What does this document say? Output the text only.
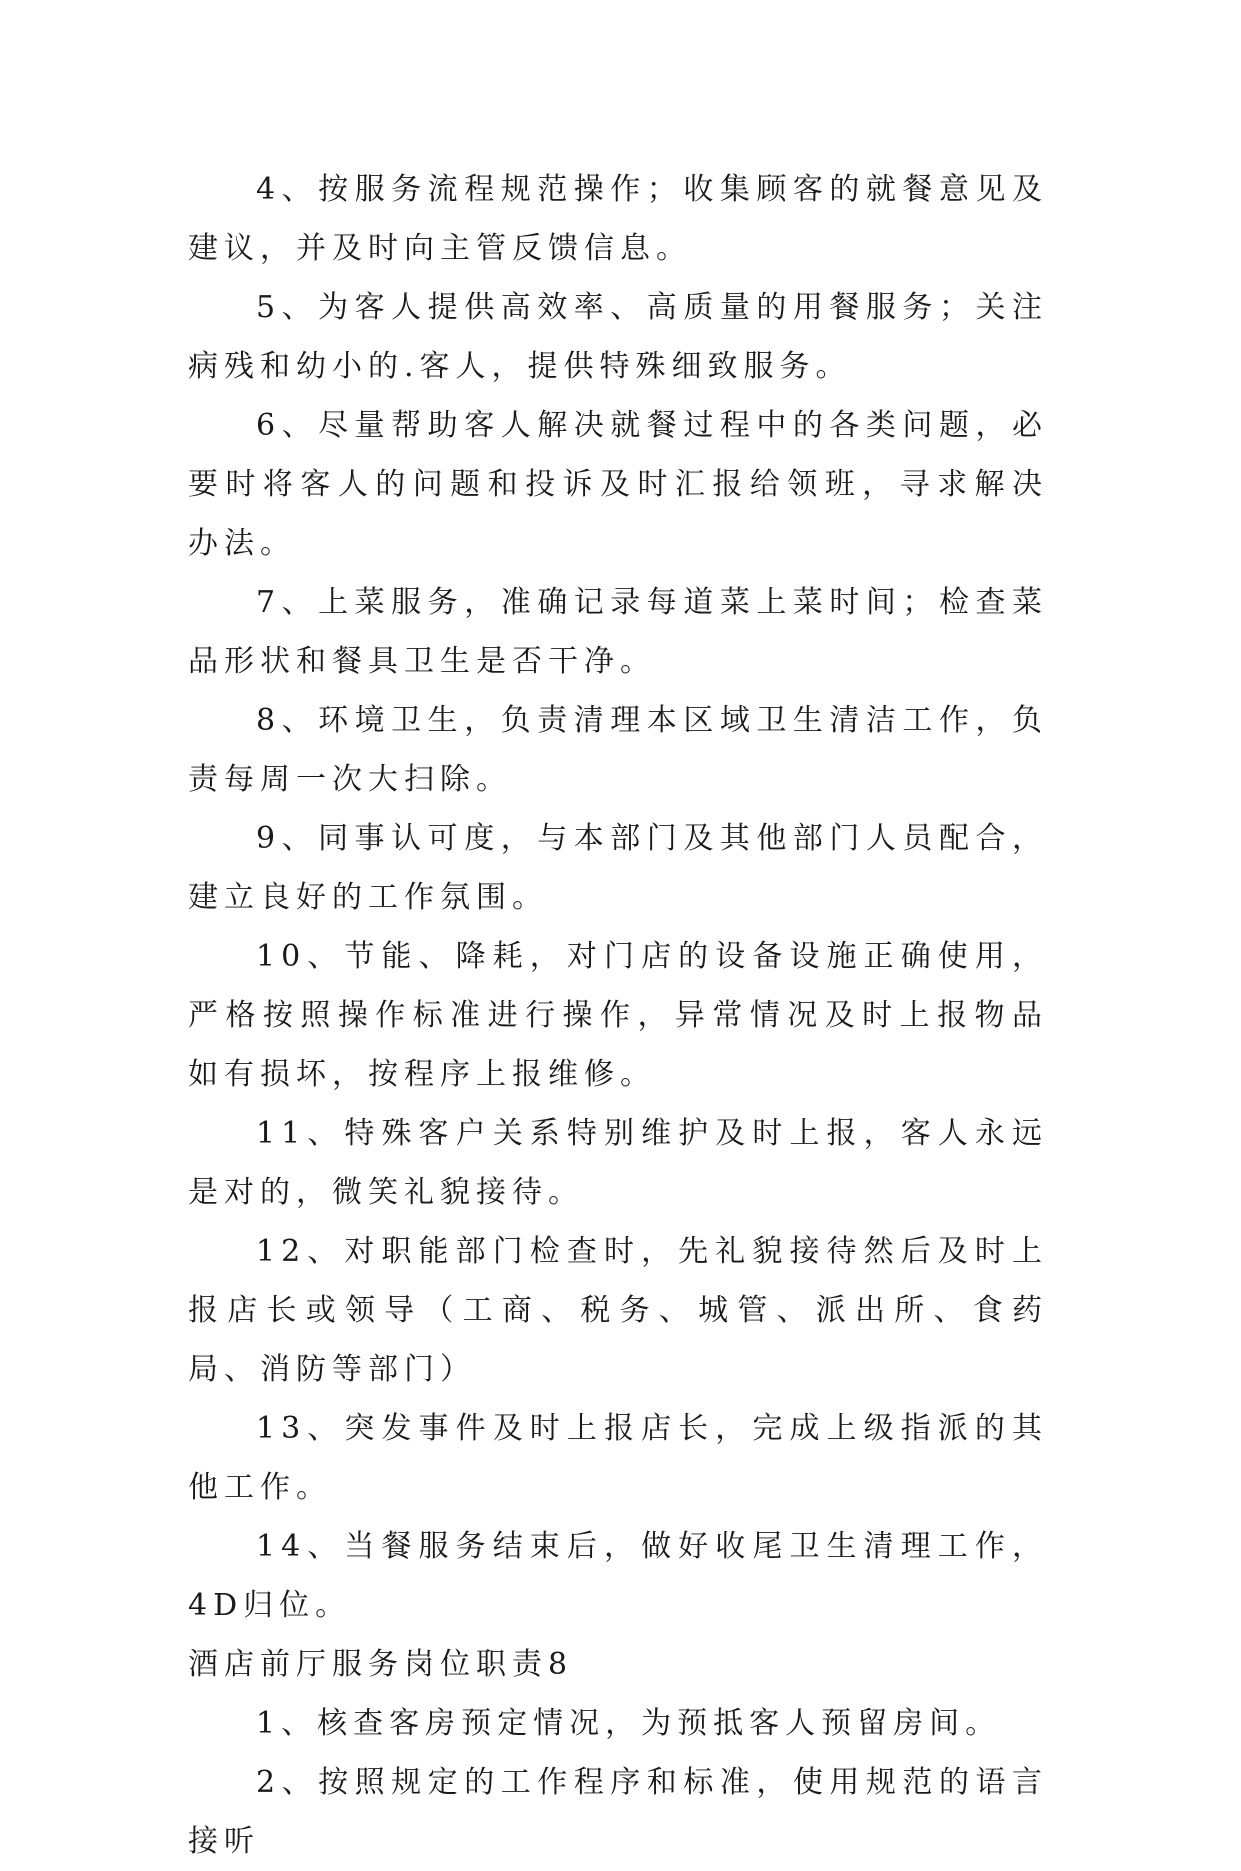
4、按服务流程规范操作；收集顾客的就餐意见及建议，并及时向主管反馈信息。

5、为客人提供高效率、高质量的用餐服务；关注病残和幼小的.客人，提供特殊细致服务。

6、尽量帮助客人解决就餐过程中的各类问题，必要时将客人的问题和投诉及时汇报给领班，寻求解决办法。

7、上菜服务，准确记录每道菜上菜时间；检查菜品形状和餐具卫生是否干净。

8、环境卫生，负责清理本区域卫生清洁工作，负责每周一次大扫除。

9、同事认可度，与本部门及其他部门人员配合，建立良好的工作氛围。

10、节能、降耗，对门店的设备设施正确使用，严格按照操作标准进行操作，异常情况及时上报物品如有损坏，按程序上报维修。

11、特殊客户关系特别维护及时上报，客人永远是对的，微笑礼貌接待。

12、对职能部门检查时，先礼貌接待然后及时上报店长或领导（工商、税务、城管、派出所、食药局、消防等部门）

13、突发事件及时上报店长，完成上级指派的其他工作。

14、当餐服务结束后，做好收尾卫生清理工作，4D归位。

酒店前厅服务岗位职责8

1、核查客房预定情况，为预抵客人预留房间。

2、按照规定的工作程序和标准，使用规范的语言接听
